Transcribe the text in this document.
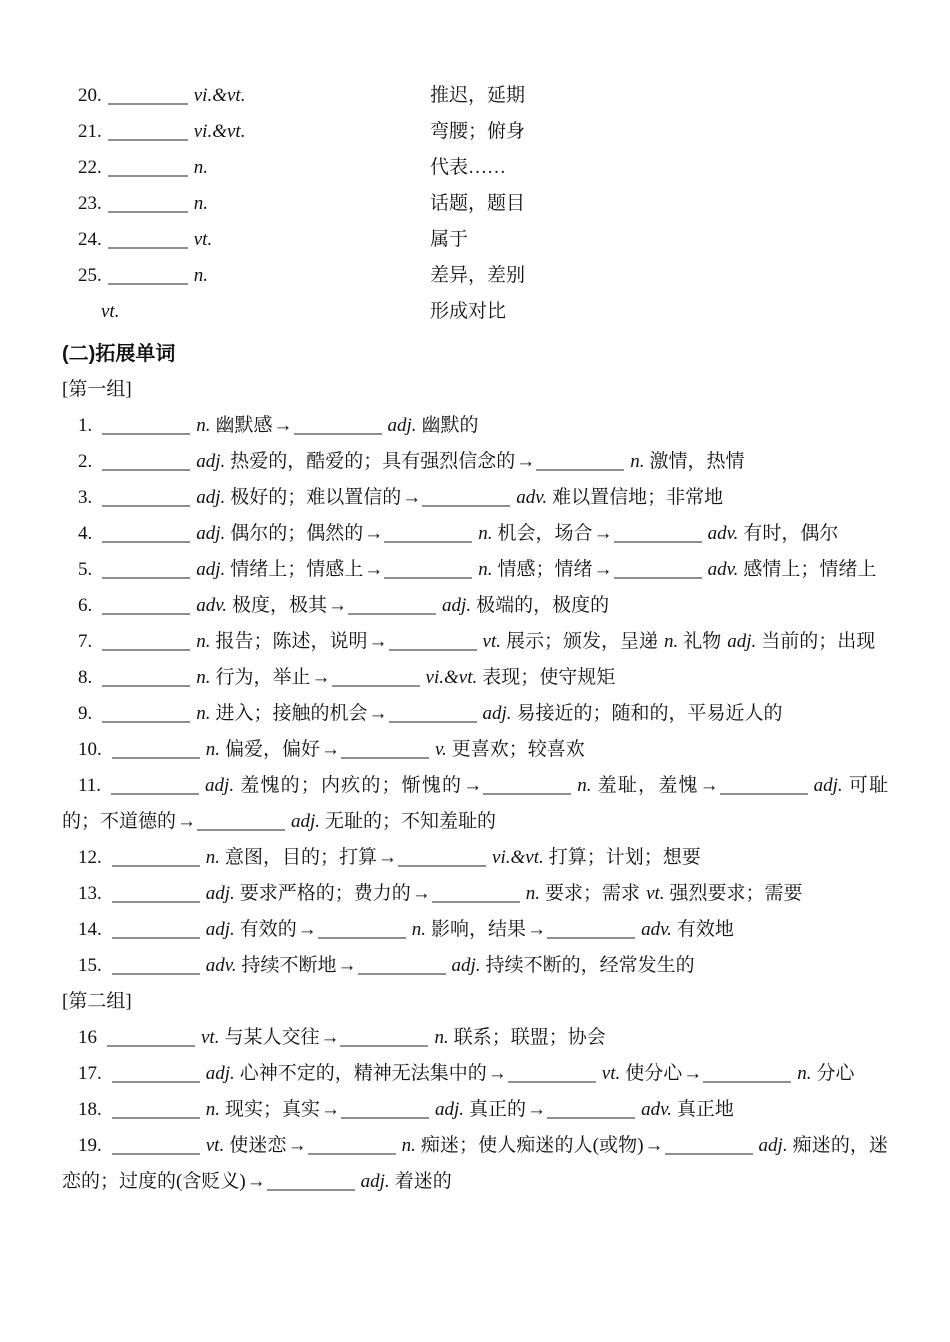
20.	vi.&vt.	推迟，延期
21.	vi.&vt.	弯腰；俯身
22.	n.	代表……
23.	n.	话题，题目
24.	vt.	属于
25.	n.	差异，差别
vt.	形成对比
(二)拓展单词
[第一组]

1.	n. 幽默感→	adj. 幽默的

2.	adj. 热爱的，酷爱的；具有强烈信念的→	n. 激情，热情

3.	adj. 极好的；难以置信的→	adv. 难以置信地；非常地

4.	adj. 偶尔的；偶然的→	n. 机会，场合→	adv. 有时，偶尔

5.	adj. 情绪上；情感上→	n. 情感；情绪→	adv. 感情上；情绪上

6.	adv. 极度，极其→	adj. 极端的，极度的

7.	n. 报告；陈述，说明→	vt. 展示；颁发，呈递 n. 礼物 adj. 当前的；出现

8.	n. 行为，举止→	vi.&vt. 表现；使守规矩

9.	n. 进入；接触的机会→	adj. 易接近的；随和的，平易近人的

10.	n. 偏爱，偏好→	v. 更喜欢；较喜欢

11.	adj. 羞愧的；内疚的；惭愧的→	n. 羞耻，羞愧→	adj. 可耻的；不道德的→	adj. 无耻的；不知羞耻的

12.	n. 意图，目的；打算→	vi.&vt. 打算；计划；想要

13.	adj. 要求严格的；费力的→	n. 要求；需求 vt. 强烈要求；需要

14.	adj. 有效的→	n. 影响，结果→	adv. 有效地

15.	adv. 持续不断地→	adj. 持续不断的，经常发生的

[第二组]

16	vt. 与某人交往→	n. 联系；联盟；协会

17.	adj. 心神不定的，精神无法集中的→	vt. 使分心→	n. 分心

18.	n. 现实；真实→	adj. 真正的→	adv. 真正地

19.	vt. 使迷恋→	n. 痴迷；使人痴迷的人(或物)→	adj. 痴迷的，迷恋的；过度的(含贬义)→	adj. 着迷的
